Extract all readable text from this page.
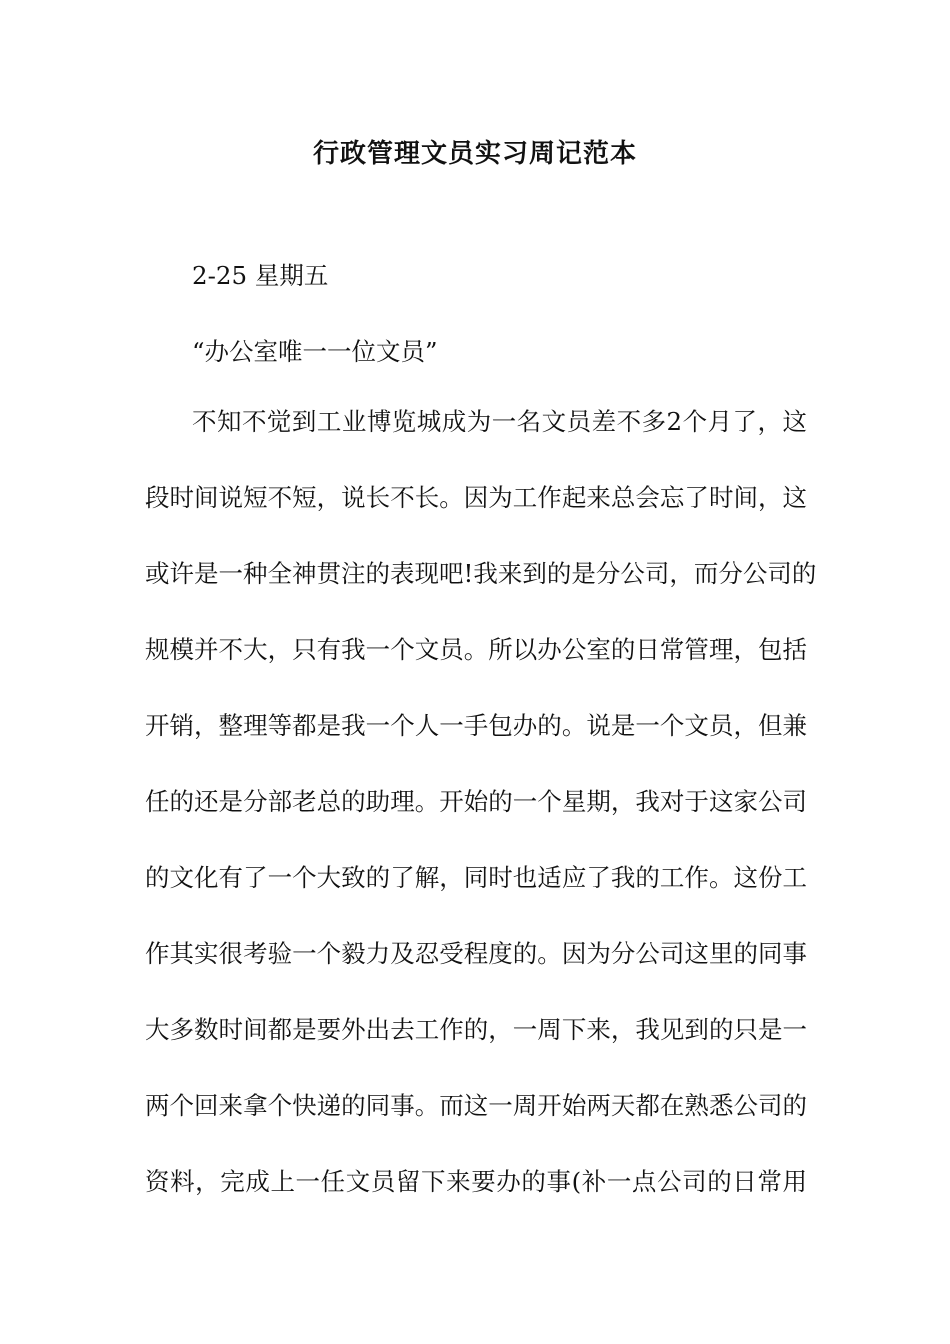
行政管理文员实习周记范本
2-25 星期五
“办公室唯一一位文员”
不知不觉到工业博览城成为一名文员差不多2个月了，这
段时间说短不短，说长不长。因为工作起来总会忘了时间，这
或许是一种全神贯注的表现吧!我来到的是分公司，而分公司的
规模并不大，只有我一个文员。所以办公室的日常管理，包括
开销，整理等都是我一个人一手包办的。说是一个文员，但兼
任的还是分部老总的助理。开始的一个星期，我对于这家公司
的文化有了一个大致的了解，同时也适应了我的工作。这份工
作其实很考验一个毅力及忍受程度的。因为分公司这里的同事
大多数时间都是要外出去工作的，一周下来，我见到的只是一
两个回来拿个快递的同事。而这一周开始两天都在熟悉公司的
资料，完成上一任文员留下来要办的事(补一点公司的日常用
